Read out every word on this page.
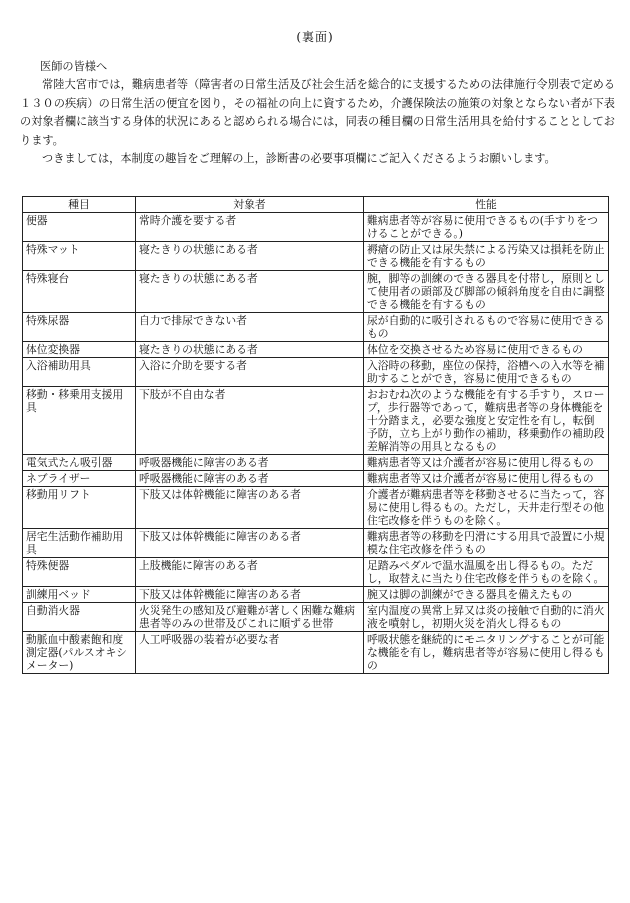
(裏面)

医師の皆様へ

常陸大宮市では，難病患者等（障害者の日常生活及び社会生活を総合的に支援するための法律施行令別表で定める１３０の疾病）の日常生活の便宜を図り，その福祉の向上に資するため，介護保険法の施策の対象とならない者が下表の対象者欄に該当する身体的状況にあると認められる場合には，同表の種目欄の日常生活用具を給付することとしております。

つきましては，本制度の趣旨をご理解の上，診断書の必要事項欄にご記入くださるようお願いします。

種目	対象者	性能
便器	常時介護を要する者	難病患者等が容易に使用できるもの(手すりをつけることができる。)
特殊マット	寝たきりの状態にある者	褥瘡の防止又は尿失禁による汚染又は損耗を防止できる機能を有するもの
特殊寝台	寝たきりの状態にある者	腕，脚等の訓練のできる器具を付帯し，原則として使用者の頭部及び脚部の傾斜角度を自由に調整できる機能を有するもの
特殊尿器	自力で排尿できない者	尿が自動的に吸引されるもので容易に使用できるもの
体位変換器	寝たきりの状態にある者	体位を交換させるため容易に使用できるもの
入浴補助用具	入浴に介助を要する者	入浴時の移動，座位の保持，浴槽への入水等を補助することができ，容易に使用できるもの
移動・移乗用支援用具	下肢が不自由な者	おおむね次のような機能を有する手すり，スロープ，歩行器等であって，難病患者等の身体機能を十分踏まえ，必要な強度と安定性を有し，転倒予防，立ち上がり動作の補助，移乗動作の補助段差解消等の用具となるもの
電気式たん吸引器	呼吸器機能に障害のある者	難病患者等又は介護者が容易に使用し得るもの
ネブライザー	呼吸器機能に障害のある者	難病患者等又は介護者が容易に使用し得るもの
移動用リフト	下肢又は体幹機能に障害のある者	介護者が難病患者等を移動させるに当たって，容易に使用し得るもの。ただし，天井走行型その他住宅改修を伴うものを除く。
居宅生活動作補助用具	下肢又は体幹機能に障害のある者	難病患者等の移動を円滑にする用具で設置に小規模な住宅改修を伴うもの
特殊便器	上肢機能に障害のある者	足踏みペダルで温水温風を出し得るもの。ただし，取替えに当たり住宅改修を伴うものを除く。
訓練用ベッド	下肢又は体幹機能に障害のある者	腕又は脚の訓練ができる器具を備えたもの
自動消火器	火災発生の感知及び避難が著しく困難な難病患者等のみの世帯及びこれに順ずる世帯	室内温度の異常上昇又は炎の接触で自動的に消火液を噴射し，初期火災を消火し得るもの
動脈血中酸素飽和度測定器(パルスオキシメーター)	人工呼吸器の装着が必要な者	呼吸状態を継続的にモニタリングすることが可能な機能を有し，難病患者等が容易に使用し得るもの
